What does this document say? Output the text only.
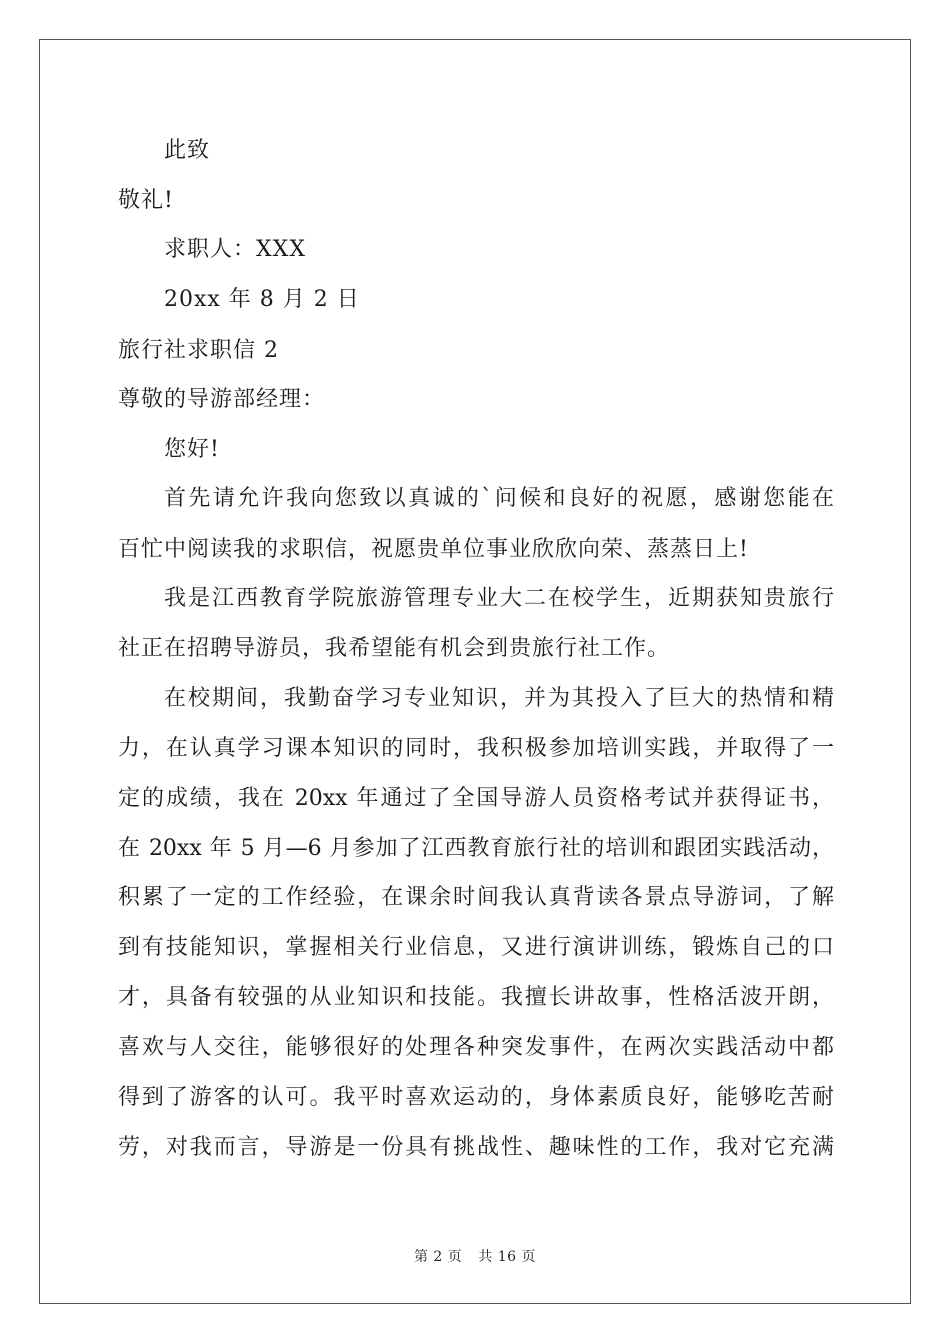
此致
敬礼!
求职人：XXX
20xx 年 8 月 2 日
旅行社求职信 2
尊敬的导游部经理：
您好!
首先请允许我向您致以真诚的`问候和良好的祝愿，感谢您能在
百忙中阅读我的求职信，祝愿贵单位事业欣欣向荣、蒸蒸日上!
我是江西教育学院旅游管理专业大二在校学生，近期获知贵旅行
社正在招聘导游员，我希望能有机会到贵旅行社工作。
在校期间，我勤奋学习专业知识，并为其投入了巨大的热情和精
力，在认真学习课本知识的同时，我积极参加培训实践，并取得了一
定的成绩，我在 20xx 年通过了全国导游人员资格考试并获得证书，
在 20xx 年 5 月—6 月参加了江西教育旅行社的培训和跟团实践活动，
积累了一定的工作经验，在课余时间我认真背读各景点导游词，了解
到有技能知识，掌握相关行业信息，又进行演讲训练，锻炼自己的口
才，具备有较强的从业知识和技能。我擅长讲故事，性格活波开朗，
喜欢与人交往，能够很好的处理各种突发事件，在两次实践活动中都
得到了游客的认可。我平时喜欢运动的，身体素质良好，能够吃苦耐
劳，对我而言，导游是一份具有挑战性、趣味性的工作，我对它充满
第 2 页 共 16 页
